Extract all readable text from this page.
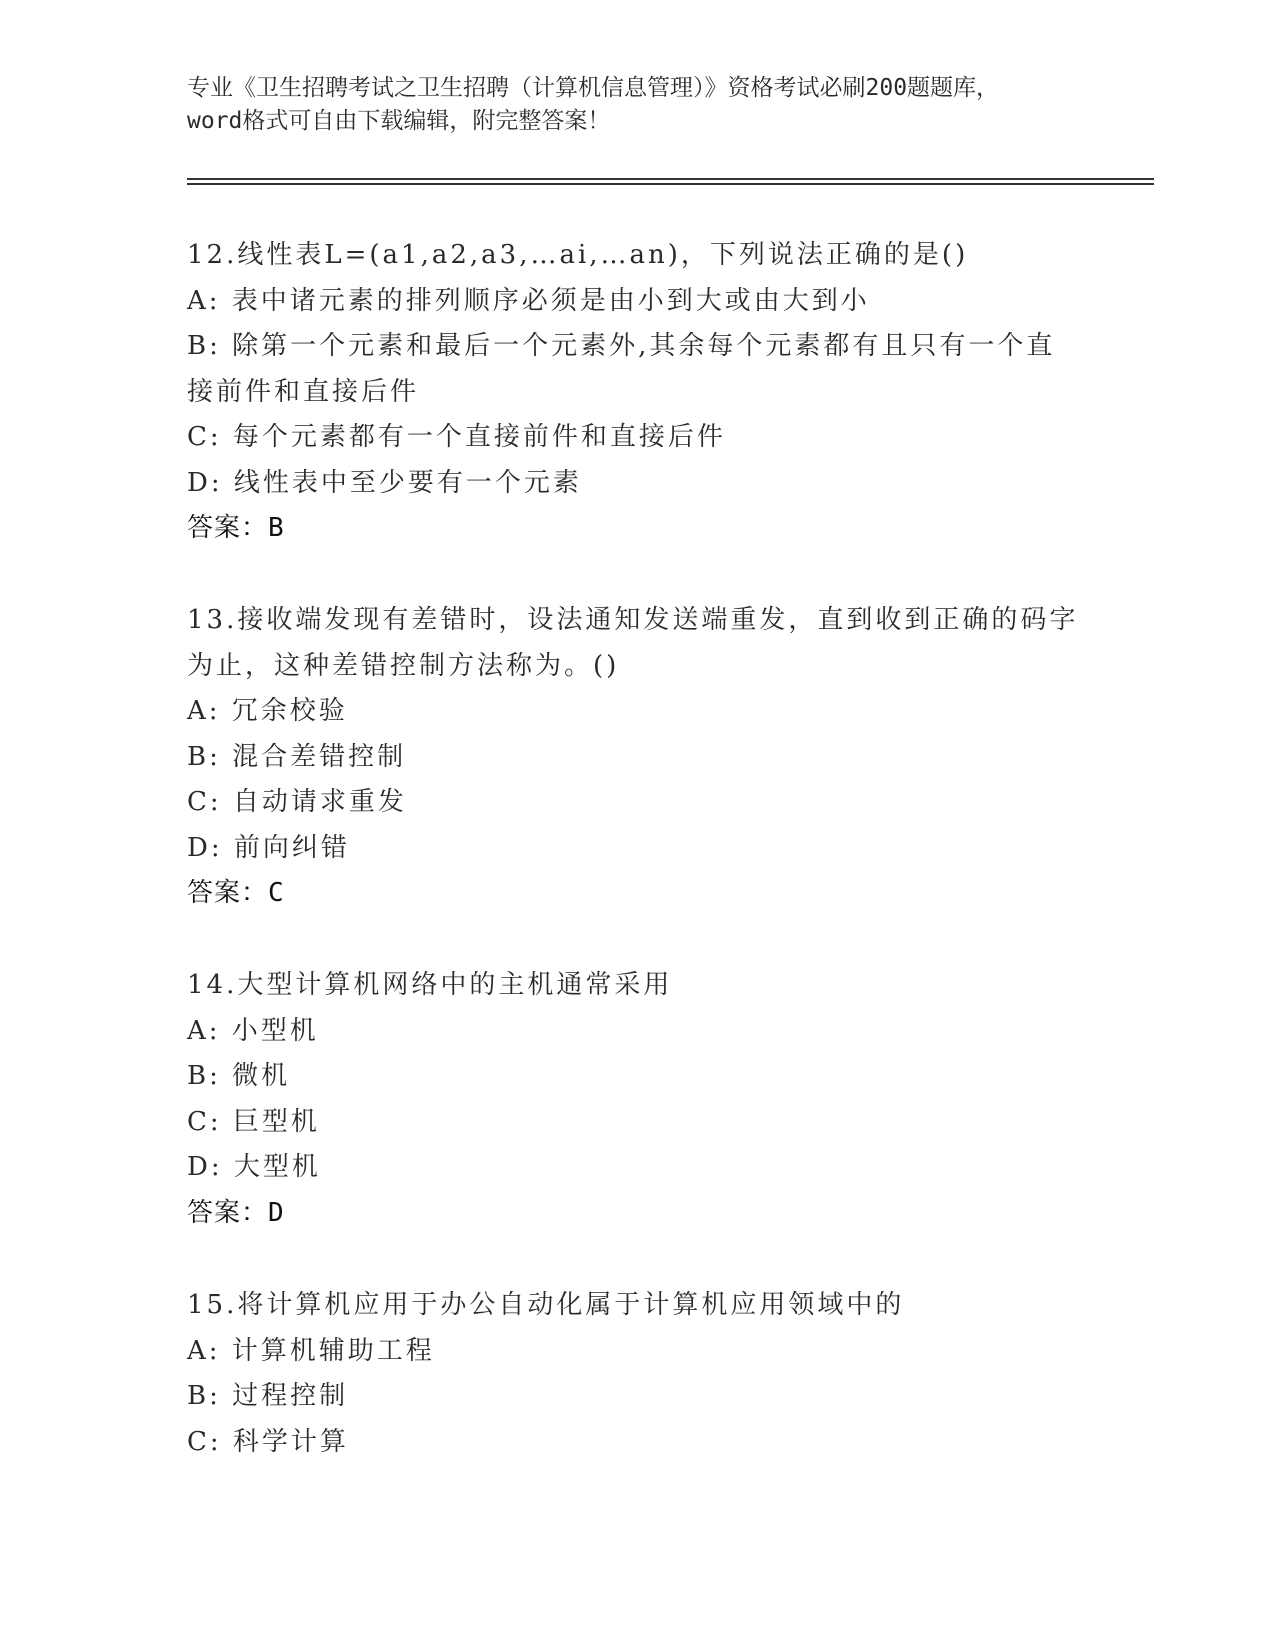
专业《卫生招聘考试之卫生招聘（计算机信息管理）》资格考试必刷200题题库，
word格式可自由下载编辑，附完整答案！
12.线性表L=(a1,a2,a3,…ai,…an)，下列说法正确的是()
A: 表中诸元素的排列顺序必须是由小到大或由大到小
B: 除第一个元素和最后一个元素外,其余每个元素都有且只有一个直
接前件和直接后件
C: 每个元素都有一个直接前件和直接后件
D: 线性表中至少要有一个元素
答案：B
13.接收端发现有差错时，设法通知发送端重发，直到收到正确的码字
为止，这种差错控制方法称为。()
A: 冗余校验
B: 混合差错控制
C: 自动请求重发
D: 前向纠错
答案：C
14.大型计算机网络中的主机通常采用
A: 小型机
B: 微机
C: 巨型机
D: 大型机
答案：D
15.将计算机应用于办公自动化属于计算机应用领域中的
A: 计算机辅助工程
B: 过程控制
C: 科学计算
